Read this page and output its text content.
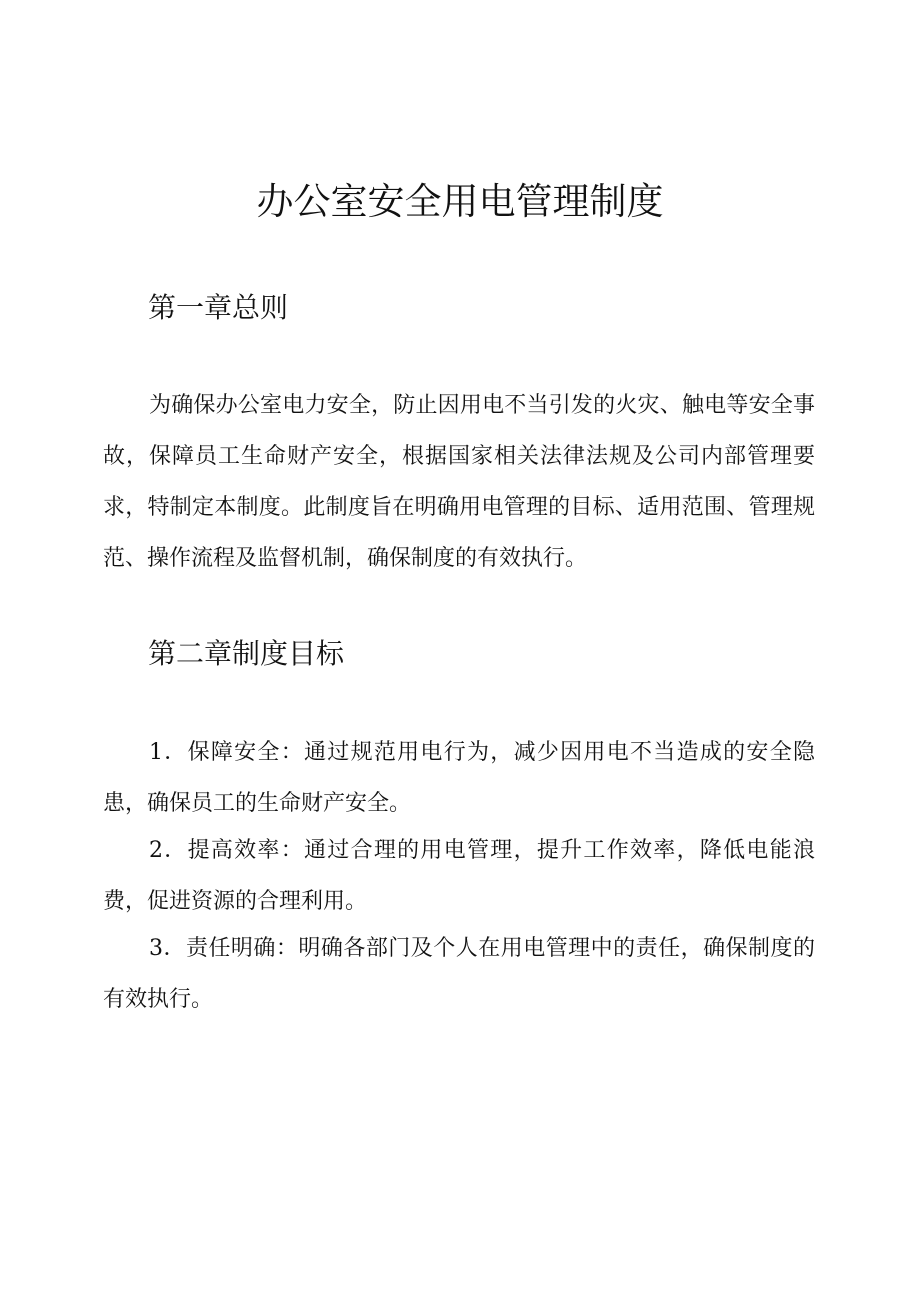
办公室安全用电管理制度
第一章总则

为确保办公室电力安全，防止因用电不当引发的火灾、触电等安全事故，保障员工生命财产安全，根据国家相关法律法规及公司内部管理要求，特制定本制度。此制度旨在明确用电管理的目标、适用范围、管理规范、操作流程及监督机制，确保制度的有效执行。

第二章制度目标

1．保障安全：通过规范用电行为，减少因用电不当造成的安全隐患，确保员工的生命财产安全。

2．提高效率：通过合理的用电管理，提升工作效率，降低电能浪费，促进资源的合理利用。

3．责任明确：明确各部门及个人在用电管理中的责任，确保制度的有效执行。
